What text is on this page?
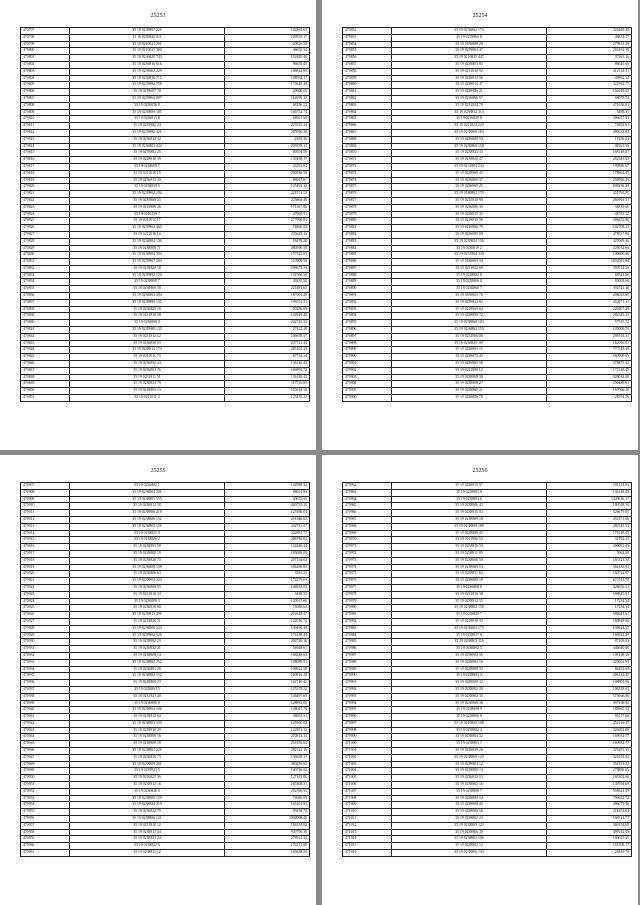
25253
470797	35 19 0239887 226	102865.63
470798	35 19 0239826 811	109555.17
470799	35 19 0210021 201	20826.58
470800	35 19 0210021 300	46655.34
470801	35 19 0236820 743	152485.48
470802	35 19 0236816 616	96635.45
470803	35 19 0239862 229	186822.83
470804	35 19 0236816 715	108584.17
470805	35 19 0239882 758	174648.48
470806	35 19 0238607 70	29600.60
470807	35 19 0239864 807	162699.17
470808	35 19 0236836 8	68186.52
470809	35 19 0239889 185	166752.74
470810	35 19 0236815 8	68611.60
470811	35 19 0239982 24	225525.24
470812	35 19 0239882 321	285956.30
470813	35 19 0236812 32	2485.36
470814	35 19 0236803 434	205578.14
470815	35 19 0239882 25	69554.58
470816	35 19 0228818 39	130288.17
470817	35 19 0238609 7	43292.84
470818	35 19 0211018 15	200286.59
470819	35 19 0236813 43	86667.67
470820	35 19 0236830 5	125492.12
470821	35 19 0239862 294	221574.52
470822	35 19 0239868 55	225866.48
470823	35 19 0210886 26	171367.86
470824	35 19 0240259 7	47969.51
470825	35 19 0211011 17	277990.84
470826	35 19 0239862 363	74860.09
470827	35 19 0211016 14	235625.13
470828	35 19 0236804 136	16478.20
470829	35 19 0238808 71	280590.58
470830	35 19 0239804 304	157322.63
470831	35 19 0239867 304	110909.59
470832	35 19 0238820 18	596673.33
470833	35 19 0239882 120	131566.50
470834	35 19 0238808 7	49235.50
470835	35 19 0238808 58	221481.62
470836	35 19 0284863 394	167001.28
470837	35 19 0239880 135	196551.51
470838	35 19 0236825 18	50286.69
470839	35 19 0231810 18	124949.40
470840	35 19 0236808 9	242745.55
470841	35 19 0239980 133	27422.20
470842	35 19 0231812 12	106638.57
470843	35 19 0236830 53	237721.44
470844	35 19 0238814 174	285105.23
470845	35 19 0211011 73	67734.24
470846	35 19 0236852 24	136146.43
470847	35 19 0236803 76	166992.72
470848	35 19 0231811 51	136148.43
470849	35 19 0238823 79	117516.83
470850	35 19 0238803 13	165638.58
470851	35 19 0211011 3	125478.22
25254
470852	35 19 0236862 174	324448.48
470853	35 19 0239869 8	46834.57
470854	35 19 0186888 29	279813.30
470855	35 19 0239863 47	263162.58
470856	35 19 0216825 447	37265.16
470857	35 19 0239803 83	86645.69
470858	35 19 0231810 92	412124.31
470859	35 19 0236815 56	48862.32
470860	35 19 0238814 47	322565.77
470861	35 19 0218886 21	156148.45
470862	35 19 0236866 57	68078.74
470863	35 19 0231824 70	471636.81
470864	35 19 0238812 113	3488.35
470865	35 19 0236829 8	396657.43
470866	35 19 0211823 223	74892.61
470867	35 19 0238869 183	496633.83
470868	35 19 0236808 53	17236.54
470869	35 19 0236860 158	48161.56
470870	35 19 0238825 33	168148.07
470871	35 19 0239825 47	282345.55
470872	35 19 0231804 234	199886.07
470873	35 19 0238860 45	178864.45
470874	35 19 0236809 37	258966.43
470875	35 19 0236865 25	608236.39
470876	35 19 0186802 179	451795.85
470877	35 19 0235810 90	266993.31
470878	35 19 0236880 35	34839.66
470879	35 19 0238815 35	48783.12
470880	35 19 0218816 56	306435.80
470881	35 19 0216866 79	102708.25
470882	35 19 0236809 89	478537.80
470883	35 19 0239824 156	425969.46
470884	35 19 0236819 2	328032.06
470885	35 19 0231804 330	100600.06
470886	35 19 0186803 34	1002081.84
470887	35 19 0231852 68	359514.39
470888	35 19 0238822 8	68521.06
470889	35 19 0238806 8	83003.66
470890	35 19 0236860 7	392741.38
470891	35 19 0186823 70	206023.60
470892	35 19 0239823 82	452971.31
470893	35 19 0218865 64	226907.29
470894	35 19 0238899 72	282345.35
470895	35 19 0238860 183	57515.72
470896	35 19 0236862 153	103000.79
470897	35 19 0231806 86	298193.31
470898	35 19 0236825 187	162016.01
470899	35 19 0236803 15	777548.49
470900	35 19 0238872 45	560990.65
470901	35 19 0236865 58	378875.32
470902	35 19 0211808 12	172148.49
470903	35 19 0238808 30	328032.08
470904	35 19 0238808 27	250489.61
470905	35 19 0238860 21	167066.28
470906	35 19 0236806 78	28594.56
25255
470907	35 19 0236802 1	144988.32
470908	35 19 0236804 301	88654.82
470909	35 19 0238803 355	40035.65
470910	35 19 0236812 18	440735.38
470911	35 19 0238806 219	125386.04
470912	35 19 0238806 152	251386.62
470913	35 19 0236802 156	242731.07
470914	35 19 0238825 9	322881.77
470915	35 19 0238826 2	286786.04
470916	35 19 0238803 58	124446.44
470917	35 19 0238808 18	185686.09
470918	35 19 0238828 73	257134.02
470919	35 19 0236808 158	184486.83
470920	35 19 0236806 63	3581.25
470921	35 19 0238803 323	172279.03
470922	35 19 0236809 55	146935.93
470923	35 19 0231810 24	3488.55
470924	35 19 0236808 3	120917.66
470925	35 19 0236816 80	74686.62
470926	35 19 0239815 296	212628.47
470927	35 19 0238826 51	122016.74
470928	35 19 0236808 323	149496.48
470929	35 19 0239802 126	176148.44
470930	35 19 0238802 23	284746.16
470931	35 19 0236832 21	56948.61
470932	35 19 0238808 14	168248.63
470933	35 19 0238862 252	108689.51
470934	35 19 0236803 28	108624.58
470935	35 19 0238802 152	160926.28
470936	35 19 0238808 23	162740.42
470937	35 19 0236803 5	125378.22
470938	35 19 0231821 20	146497.63
470939	35 19 0236808 8	128892.06
470940	35 19 0238802 106	148647.79
470941	35 19 0238812 64	38953.31
470942	35 19 0238803 109	125560.03
470943	35 19 0238810 29	122851.12
470944	35 19 0238869 16	270813.34
470945	35 19 0238808 18	251656.64
470946	35 19 0238861 226	282142.16
470947	35 19 0236816 73	136638.37
470948	35 19 0238809 201	360256.82
470949	35 19 0239823 3	140736.02
470950	35 19 0216825 56	127181.00
470951	35 19 0238812 16	165308.51
470952	35 19 0236826 3	252396.94
470953	35 19 0238808 159	74686.09
470954	35 19 0238824 219	145101.91
470955	35 19 0236822 79	99458.70
470956	35 19 0238806 121	1002098.40
470957	35 19 0231810 12	166158.62
470958	35 19 0238817 54	939790.38
470959	35 19 0238823 24	278912.34
470960	35 19 0238822 6	174212.08
470961	35 19 0238811 12	165638.50
25256
470962	35 19 0236815 97	101134.91
470963	35 19 0238803 8	136148.45
470964	35 19 0238803 6	1449636.17
470965	35 19 0238806 43	180558.50
470966	35 19 0238815 93	526679.05
470967	35 19 0238809 18	452371.66
470968	35 19 0238808 188	282345.55
470969	35 19 0238806 45	176148.45
470970	35 19 0211806 53	31762.25
470971	35 19 0238816 33	490051.49
470972	35 19 0238811 89	5962.98
470973	35 19 0238808 50	165323.54
470974	35 19 0238809 53	364185.03
470975	35 19 0238811 63	160722.07
470976	35 19 0238808 18	672511.78
470977	35 19 0236808 8	326656.31
470978	35 19 0231816 38	108845.81
470979	35 19 0238812 55	17234.54
470980	35 19 0238802 158	17234.54
470981	35 19 0238828 7	586643.61
470982	35 19 0218810 33	180848.06
470983	35 19 0236803 175	638644.55
470984	35 19 0238817 6	166922.39
470985	35 19 0238803 116	87169.03
470986	35 19 0236802 5	346640.80
470987	35 19 0238802 35	108168.16
470988	35 19 0238802 16	423092.95
470989	35 19 0238808 33	84492.69
470990	35 19 0238803 3	496132.45
470991	35 19 0238809 32	108801.86
470992	35 19 0238802 39	106558.05
470993	35 19 0238802 35	573666.86
470994	35 19 0236808 36	397168.04
470995	35 19 0238808 9	188965.53
470996	35 19 0238806 8	95117.66
470997	35 19 0216825 108	452216.17
470998	35 19 0238802 4	326692.08
470999	35 19 0238804 32	169932.77
471000	35 19 0238803 7	169982.77
471001	35 19 0236818 26	325291.15
471002	35 19 0238809 123	321693.32
471003	35 19 0238803 12	352353.22
471004	35 19 0238808 13	278886.06
471005	35 19 0236812 53	165302.60
471006	35 19 0238802 16	139594.68
471007	35 19 0238808 7	558624.39
471008	35 19 0238808 54	790652.72
471009	35 19 0238808 43	496679.96
471010	35 19 0238806 56	211253.04
471011	35 19 0238802 23	168524.77
471012	35 19 0238809 123	369154.08
471013	35 19 0238806 30	499142.46
471014	35 19 0238802 106	146625.45
471015	35 19 0238802 12	165398.17
471016	35 19 0238806 133	24849.79
